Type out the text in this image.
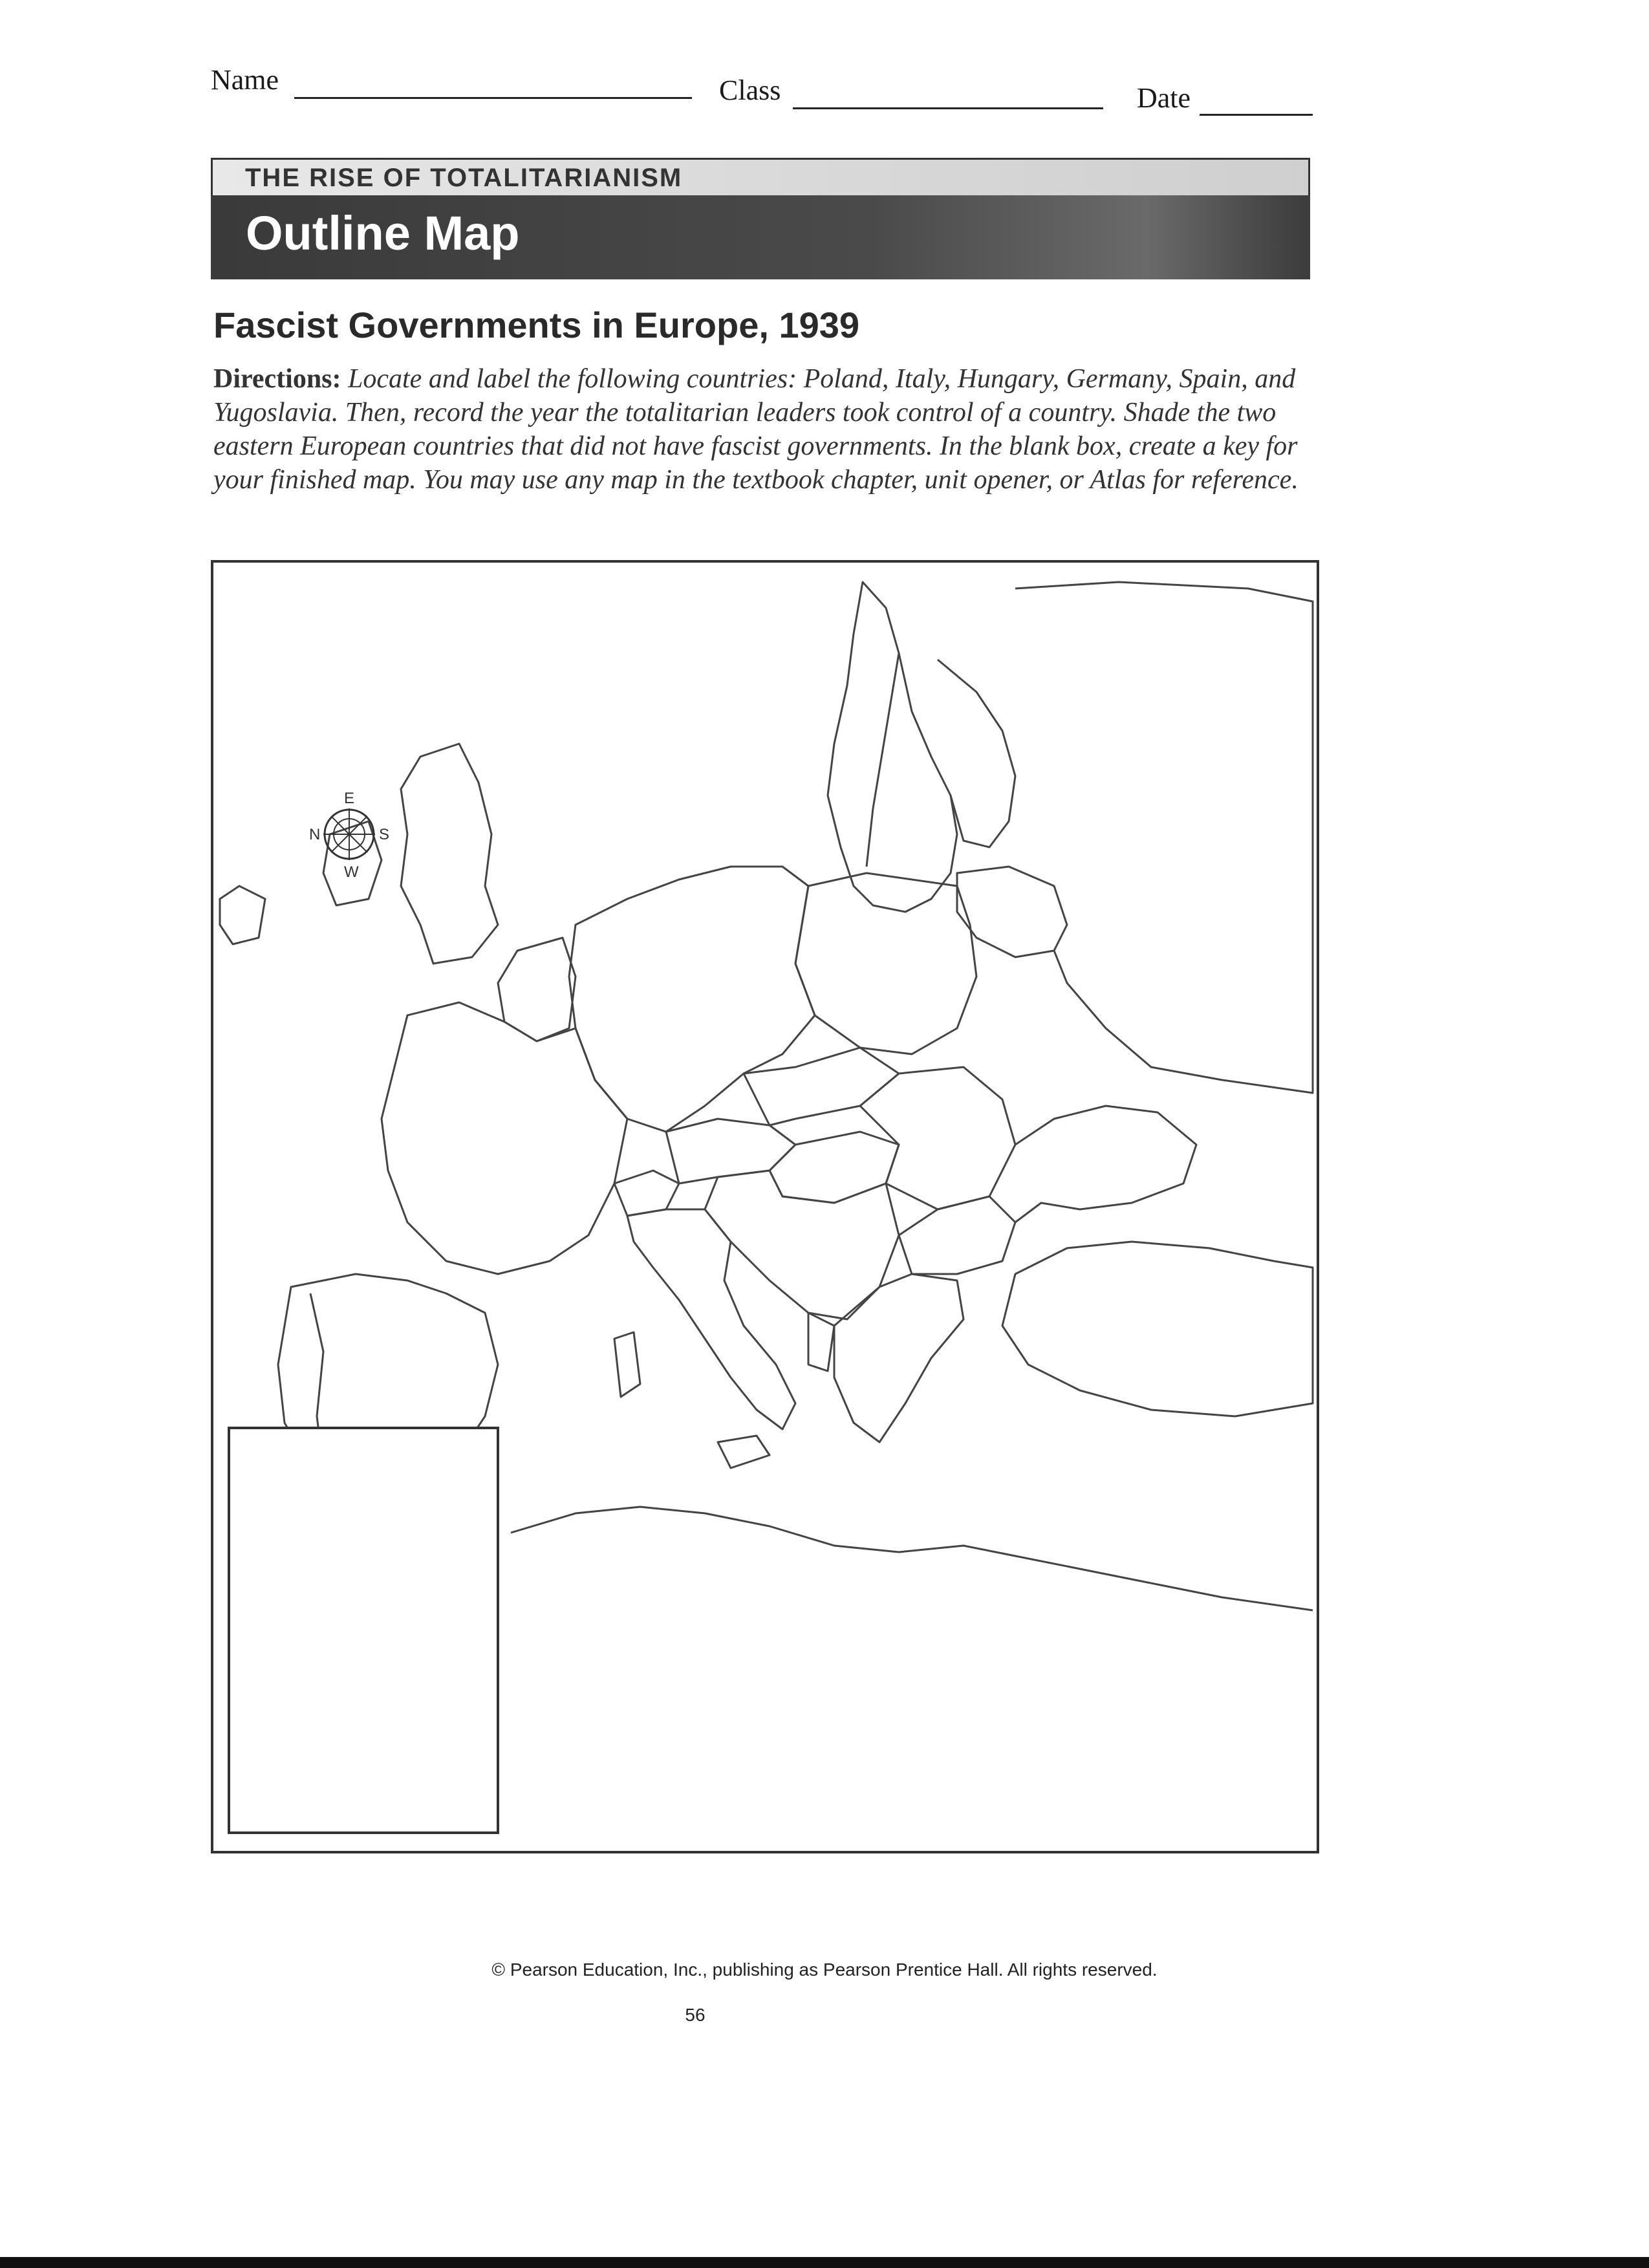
Name	Class	Date
THE RISE OF TOTALITARIANISM
Outline Map
Fascist Governments in Europe, 1939
Directions: Locate and label the following countries: Poland, Italy, Hungary, Germany, Spain, and Yugoslavia. Then, record the year the totalitarian leaders took control of a country. Shade the two eastern European countries that did not have fascist governments. In the blank box, create a key for your finished map. You may use any map in the textbook chapter, unit opener, or Atlas for reference.
N
E
S
W
© Pearson Education, Inc., publishing as Pearson Prentice Hall. All rights reserved.
56
